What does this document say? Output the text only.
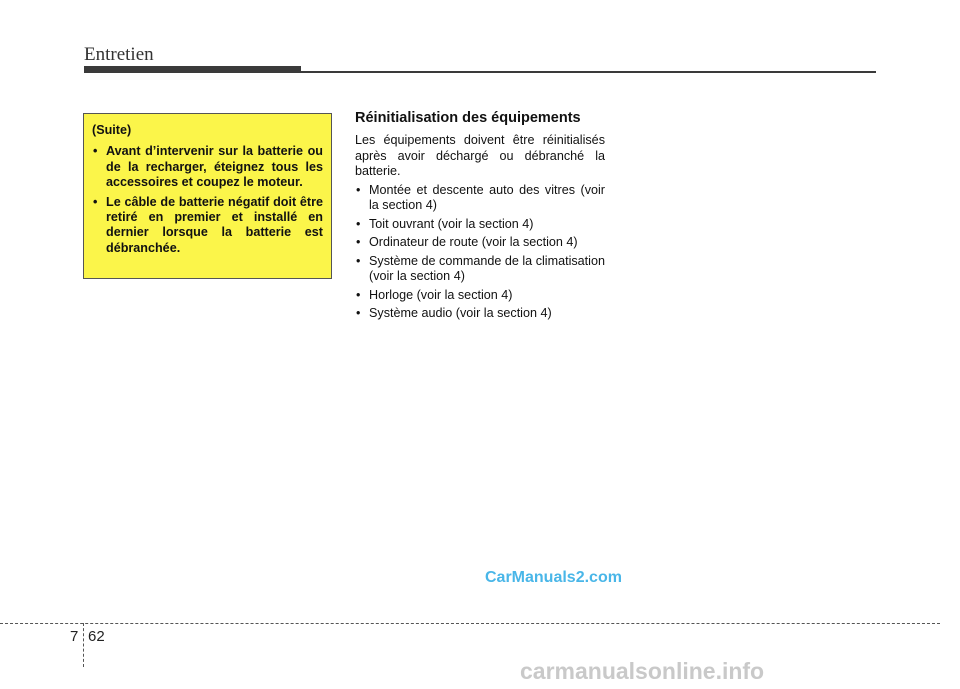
Entretien
(Suite)
• Avant d’intervenir sur la batterie ou de la recharger, éteignez tous les accessoires et coupez le moteur.
• Le câble de batterie négatif doit être retiré en premier et installé en dernier lorsque la batterie est débranchée.
Réinitialisation des équipements

Les équipements doivent être réinitialisés après avoir déchargé ou débranché la batterie.

• Montée et descente auto des vitres (voir la section 4)
• Toit ouvrant (voir la section 4)
• Ordinateur de route (voir la section 4)
• Système de commande de la climatisation (voir la section 4)
• Horloge (voir la section 4)
• Système audio (voir la section 4)
CarManuals2.com
7 62
carmanualsonline.info
